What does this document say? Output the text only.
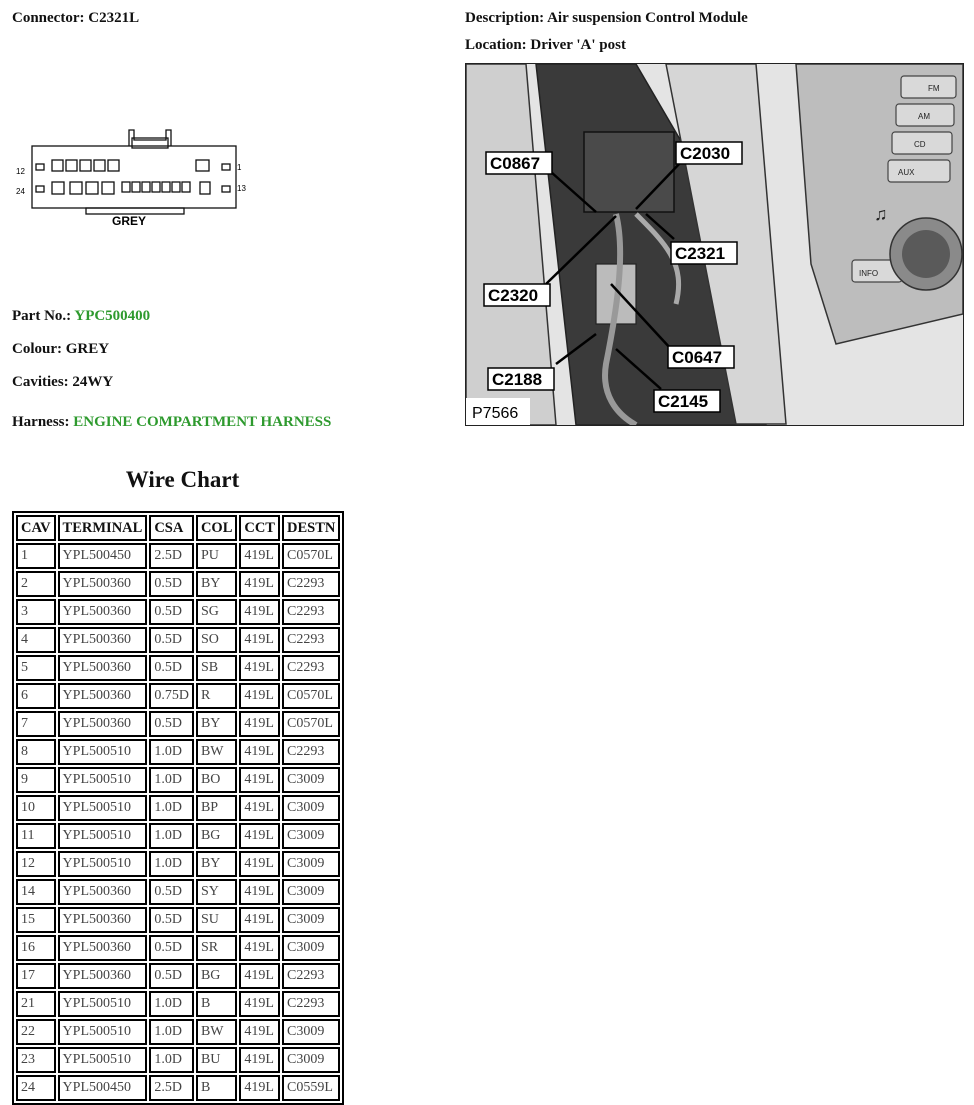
Connector: C2321L	Description: Air suspension Control Module
Location: Driver 'A' post
12
24
1
13
GREY
FM
AM
CD
AUX
INFO
♫
C0867
C2030
C2321
C2320
C0647
C2188
C2145
P7566
Part No.: YPC500400
Colour: GREY
Cavities: 24WY
Harness: ENGINE COMPARTMENT HARNESS
Wire Chart
CAV	TERMINAL	CSA	COL	CCT	DESTN
1	YPL500450	2.5D	PU	419L	C0570L
2	YPL500360	0.5D	BY	419L	C2293
3	YPL500360	0.5D	SG	419L	C2293
4	YPL500360	0.5D	SO	419L	C2293
5	YPL500360	0.5D	SB	419L	C2293
6	YPL500360	0.75D	R	419L	C0570L
7	YPL500360	0.5D	BY	419L	C0570L
8	YPL500510	1.0D	BW	419L	C2293
9	YPL500510	1.0D	BO	419L	C3009
10	YPL500510	1.0D	BP	419L	C3009
11	YPL500510	1.0D	BG	419L	C3009
12	YPL500510	1.0D	BY	419L	C3009
14	YPL500360	0.5D	SY	419L	C3009
15	YPL500360	0.5D	SU	419L	C3009
16	YPL500360	0.5D	SR	419L	C3009
17	YPL500360	0.5D	BG	419L	C2293
21	YPL500510	1.0D	B	419L	C2293
22	YPL500510	1.0D	BW	419L	C3009
23	YPL500510	1.0D	BU	419L	C3009
24	YPL500450	2.5D	B	419L	C0559L
